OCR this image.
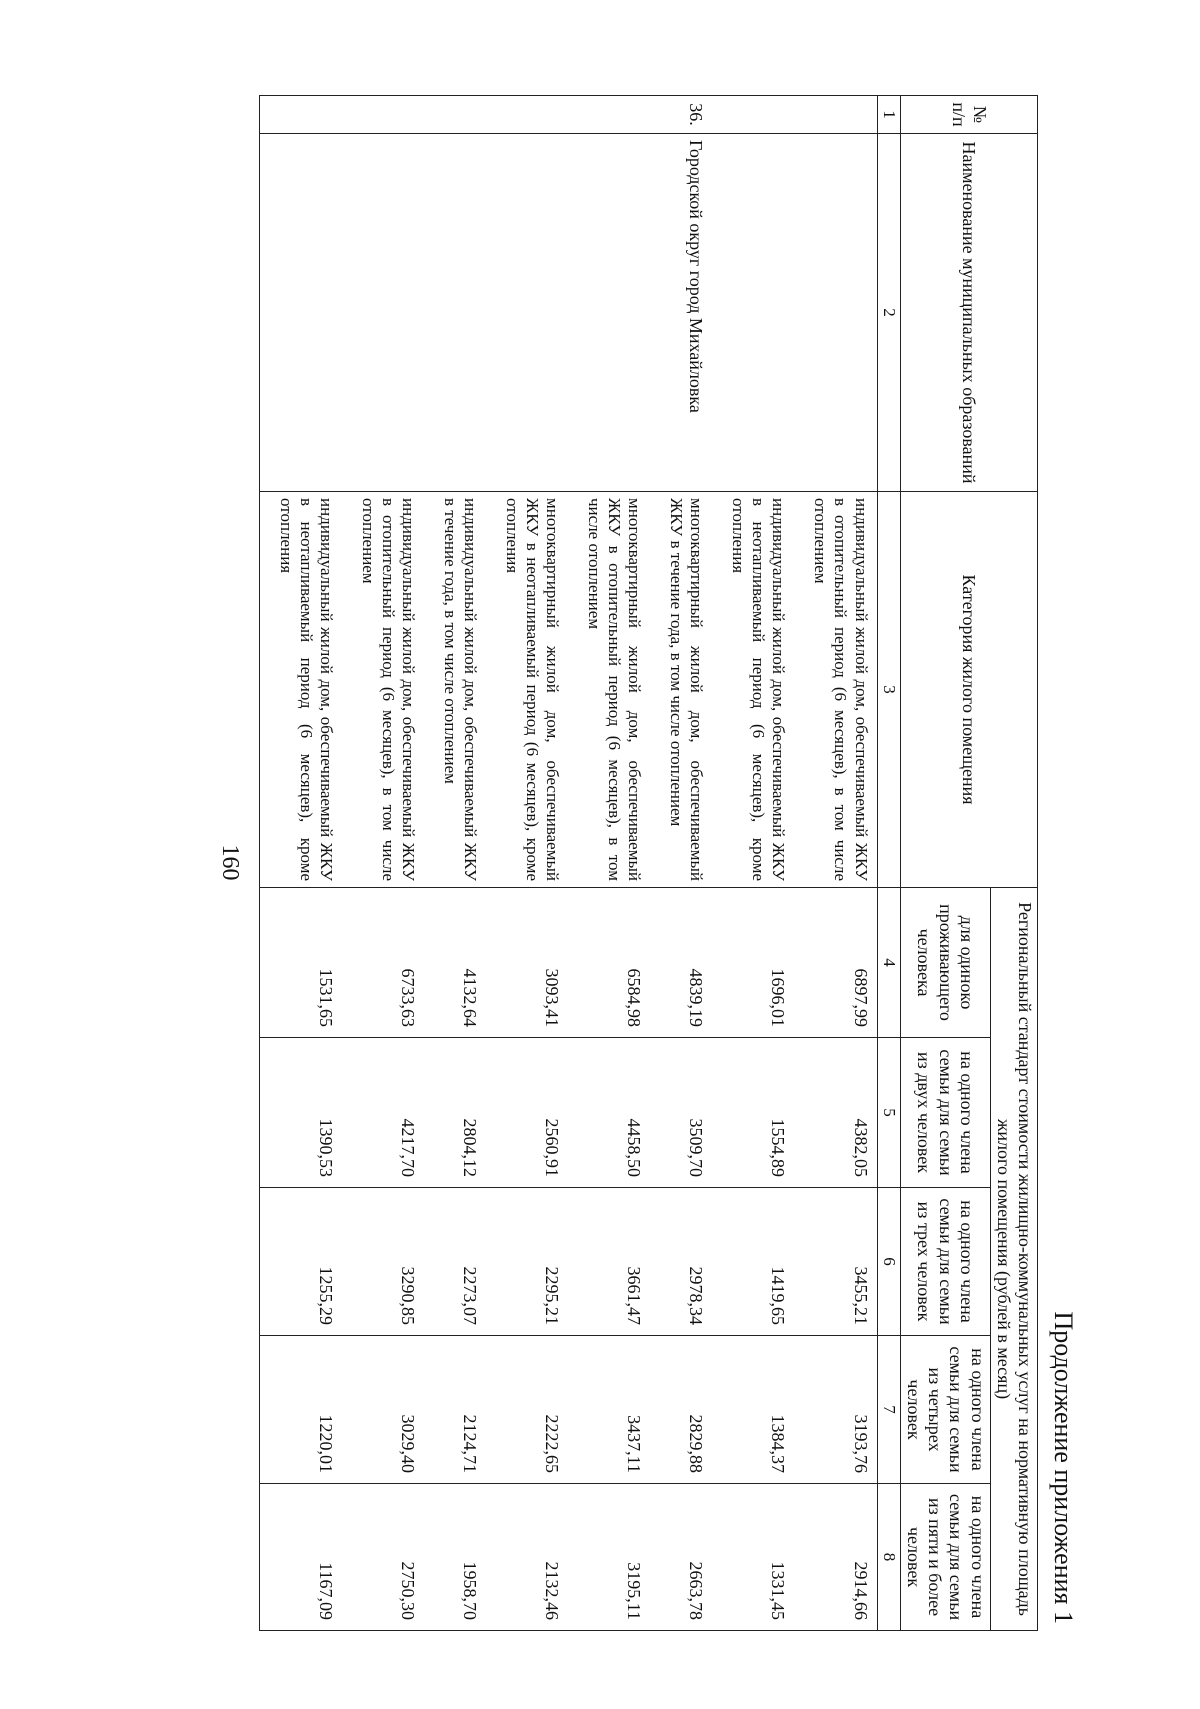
Продолжение приложения 1
№ п/п	Наименование муниципальных образований	Категория жилого помещения	Региональный стандарт стоимости жилищно-коммунальных услуг на нормативную площадь жилого помещения (рублей в месяц)				
			для одиноко проживающего человека	на одного члена семьи для семьи из двух человек	на одного члена семьи для семьи из трех человек	на одного члена семьи для семьи из четырех человек	на одного члена семьи для семьи из пяти и более человек
1	2	3	4	5	6	7	8
		индивидуальный жилой дом, обеспечиваемый ЖКУ в отопительный период (6 месяцев), в том числе отоплением	6897,99	4382,05	3455,21	3193,76	2914,66
		индивидуальный жилой дом, обеспечиваемый ЖКУ в неотапливаемый период (6 месяцев), кроме отопления	1696,01	1554,89	1419,65	1384,37	1331,45
36.	Городской округ город Михайловка	многоквартирный жилой дом, обеспечиваемый ЖКУ в течение года, в том числе отоплением	4839,19	3509,70	2978,34	2829,88	2663,78
		многоквартирный жилой дом, обеспечиваемый ЖКУ в отопительный период (6 месяцев), в том числе отоплением	6584,98	4458,50	3661,47	3437,11	3195,11
		многоквартирный жилой дом, обеспечиваемый ЖКУ в неотапливаемый период (6 месяцев), кроме отопления	3093,41	2560,91	2295,21	2222,65	2132,46
		индивидуальный жилой дом, обеспечиваемый ЖКУ в течение года, в том числе отоплением	4132,64	2804,12	2273,07	2124,71	1958,70
		индивидуальный жилой дом, обеспечиваемый ЖКУ в отопительный период (6 месяцев), в том числе отоплением	6733,63	4217,70	3290,85	3029,40	2750,30
		индивидуальный жилой дом, обеспечиваемый ЖКУ в неотапливаемый период (6 месяцев), кроме отопления	1531,65	1390,53	1255,29	1220,01	1167,09
160
